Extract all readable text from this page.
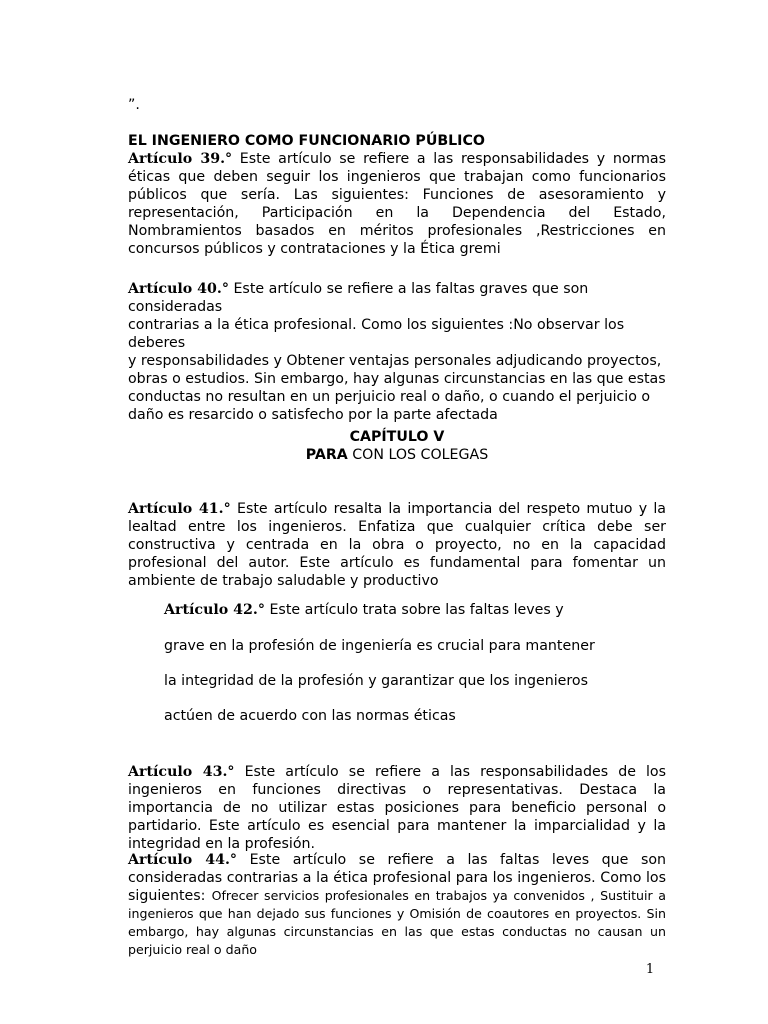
”.
EL INGENIERO COMO FUNCIONARIO PÚBLICO
Artículo 39.° Este artículo se refiere a las responsabilidades y normas éticas que deben seguir los ingenieros que trabajan como funcionarios públicos que sería. Las siguientes: Funciones de asesoramiento y representación, Participación en la Dependencia del Estado, Nombramientos basados en méritos profesionales ,Restricciones en concursos públicos y contrataciones y la Ética gremi
Artículo 40.° Este artículo se refiere a las faltas graves que son consideradas
contrarias a la ética profesional. Como los siguientes :No observar los deberes
y responsabilidades y Obtener ventajas personales adjudicando proyectos,
obras o estudios. Sin embargo, hay algunas circunstancias en las que estas
conductas no resultan en un perjuicio real o daño, o cuando el perjuicio o
daño es resarcido o satisfecho por la parte afectada
CAPÍTULO V
PARA CON LOS COLEGAS
Artículo 41.° Este artículo resalta la importancia del respeto mutuo y la lealtad entre los ingenieros. Enfatiza que cualquier crítica debe ser constructiva y centrada en la obra o proyecto, no en la capacidad profesional del autor. Este artículo es fundamental para fomentar un ambiente de trabajo saludable y productivo
Artículo 42.° Este artículo trata sobre las faltas leves y
grave en la profesión de ingeniería es crucial para mantener
la integridad de la profesión y garantizar que los ingenieros
actúen de acuerdo con las normas éticas
Artículo 43.° Este artículo se refiere a las responsabilidades de los ingenieros en funciones directivas o representativas. Destaca la importancia de no utilizar estas posiciones para beneficio personal o partidario. Este artículo es esencial para mantener la imparcialidad y la integridad en la profesión.
Artículo 44.° Este artículo se refiere a las faltas leves que son consideradas contrarias a la ética profesional para los ingenieros. Como los siguientes: Ofrecer servicios profesionales en trabajos ya convenidos , Sustituir a ingenieros que han dejado sus funciones y Omisión de coautores en proyectos. Sin embargo, hay algunas circunstancias en las que estas conductas no causan un perjuicio real o daño
1
